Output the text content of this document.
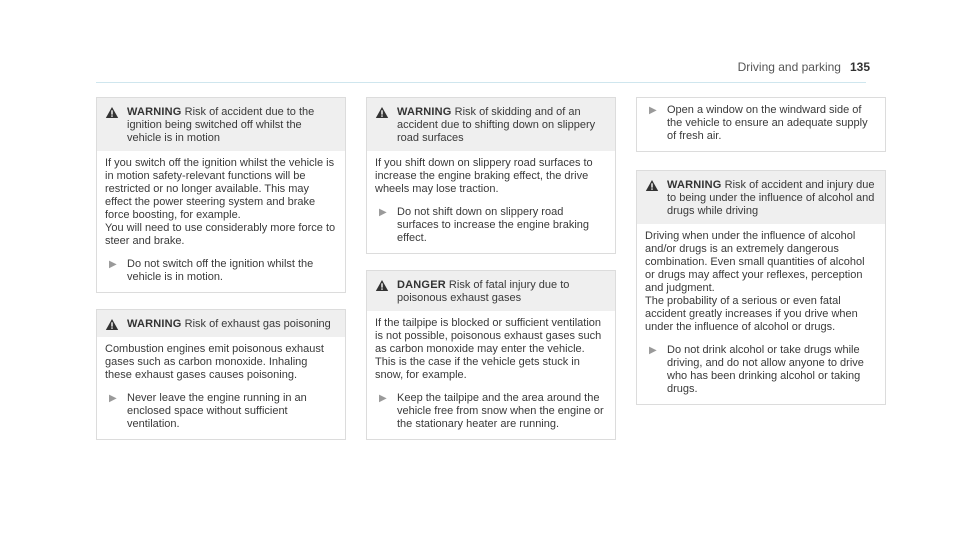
Driving and parking 135
WARNING Risk of accident due to the ignition being switched off whilst the vehicle is in motion

If you switch off the ignition whilst the vehicle is in motion safety-relevant functions will be restricted or no longer available. This may effect the power steering system and brake force boosting, for example.

You will need to use considerably more force to steer and brake.

▶ Do not switch off the ignition whilst the vehicle is in motion.
WARNING Risk of exhaust gas poisoning

Combustion engines emit poisonous exhaust gases such as carbon monoxide. Inhaling these exhaust gases causes poisoning.

▶ Never leave the engine running in an enclosed space without sufficient ventilation.
WARNING Risk of skidding and of an accident due to shifting down on slippery road surfaces

If you shift down on slippery road surfaces to increase the engine braking effect, the drive wheels may lose traction.

▶ Do not shift down on slippery road surfaces to increase the engine braking effect.
DANGER Risk of fatal injury due to poisonous exhaust gases

If the tailpipe is blocked or sufficient ventilation is not possible, poisonous exhaust gases such as carbon monoxide may enter the vehicle. This is the case if the vehicle gets stuck in snow, for example.

▶ Keep the tailpipe and the area around the vehicle free from snow when the engine or the stationary heater are running.
▶ Open a window on the windward side of the vehicle to ensure an adequate supply of fresh air.
WARNING Risk of accident and injury due to being under the influence of alcohol and drugs while driving

Driving when under the influence of alcohol and/or drugs is an extremely dangerous combination. Even small quantities of alcohol or drugs may affect your reflexes, perception and judgment.

The probability of a serious or even fatal accident greatly increases if you drive when under the influence of alcohol or drugs.

▶ Do not drink alcohol or take drugs while driving, and do not allow anyone to drive who has been drinking alcohol or taking drugs.
